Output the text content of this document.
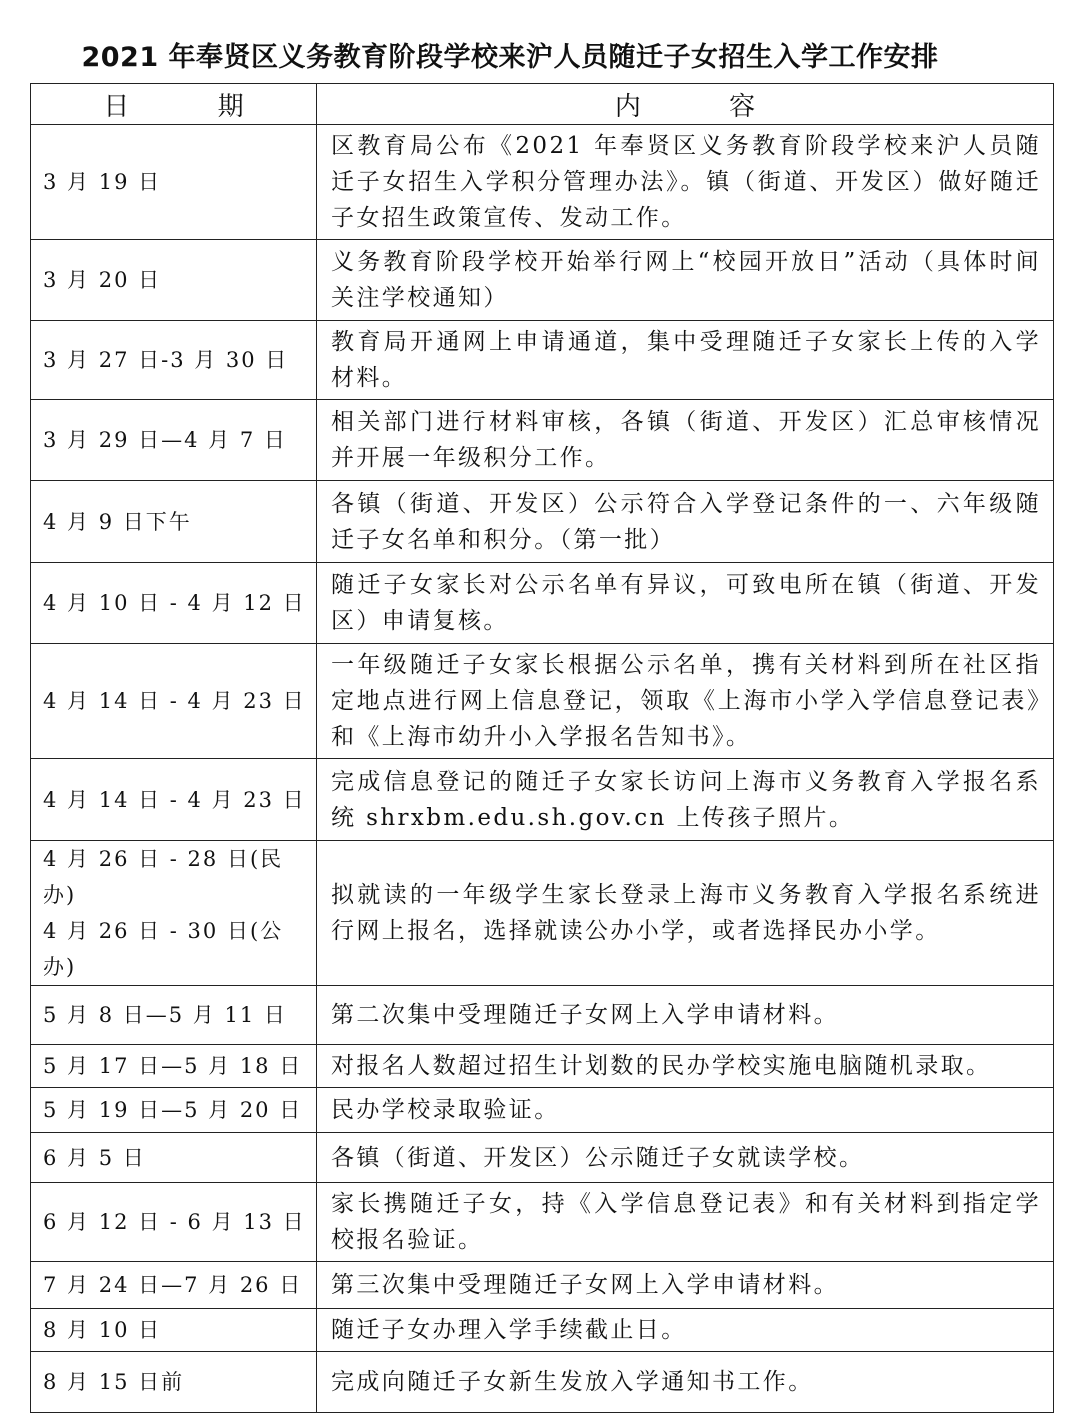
2021 年奉贤区义务教育阶段学校来沪人员随迁子女招生入学工作安排
日 期	内 容

3 月 19 日	区教育局公布《2021 年奉贤区义务教育阶段学校来沪人员随迁子女招生入学积分管理办法》。镇（街道、开发区）做好随迁子女招生政策宣传、发动工作。

3 月 20 日	义务教育阶段学校开始举行网上“校园开放日”活动（具体时间关注学校通知）

3 月 27 日-3 月 30 日	教育局开通网上申请通道，集中受理随迁子女家长上传的入学材料。

3 月 29 日—4 月 7 日	相关部门进行材料审核，各镇（街道、开发区）汇总审核情况并开展一年级积分工作。

4 月 9 日下午	各镇（街道、开发区）公示符合入学登记条件的一、六年级随迁子女名单和积分。（第一批）

4 月 10 日 - 4 月 12 日	随迁子女家长对公示名单有异议，可致电所在镇（街道、开发区）申请复核。

4 月 14 日 - 4 月 23 日	一年级随迁子女家长根据公示名单，携有关材料到所在社区指定地点进行网上信息登记，领取《上海市小学入学信息登记表》和《上海市幼升小入学报名告知书》。

4 月 14 日 - 4 月 23 日	完成信息登记的随迁子女家长访问上海市义务教育入学报名系统 shrxbm.edu.sh.gov.cn 上传孩子照片。

4 月 26 日 - 28 日(民办)
4 月 26 日 - 30 日(公办)	拟就读的一年级学生家长登录上海市义务教育入学报名系统进行网上报名，选择就读公办小学，或者选择民办小学。

5 月 8 日—5 月 11 日	第二次集中受理随迁子女网上入学申请材料。

5 月 17 日—5 月 18 日	对报名人数超过招生计划数的民办学校实施电脑随机录取。

5 月 19 日—5 月 20 日	民办学校录取验证。

6 月 5 日	各镇（街道、开发区）公示随迁子女就读学校。

6 月 12 日 - 6 月 13 日	家长携随迁子女，持《入学信息登记表》和有关材料到指定学校报名验证。

7 月 24 日—7 月 26 日	第三次集中受理随迁子女网上入学申请材料。

8 月 10 日	随迁子女办理入学手续截止日。

8 月 15 日前	完成向随迁子女新生发放入学通知书工作。
